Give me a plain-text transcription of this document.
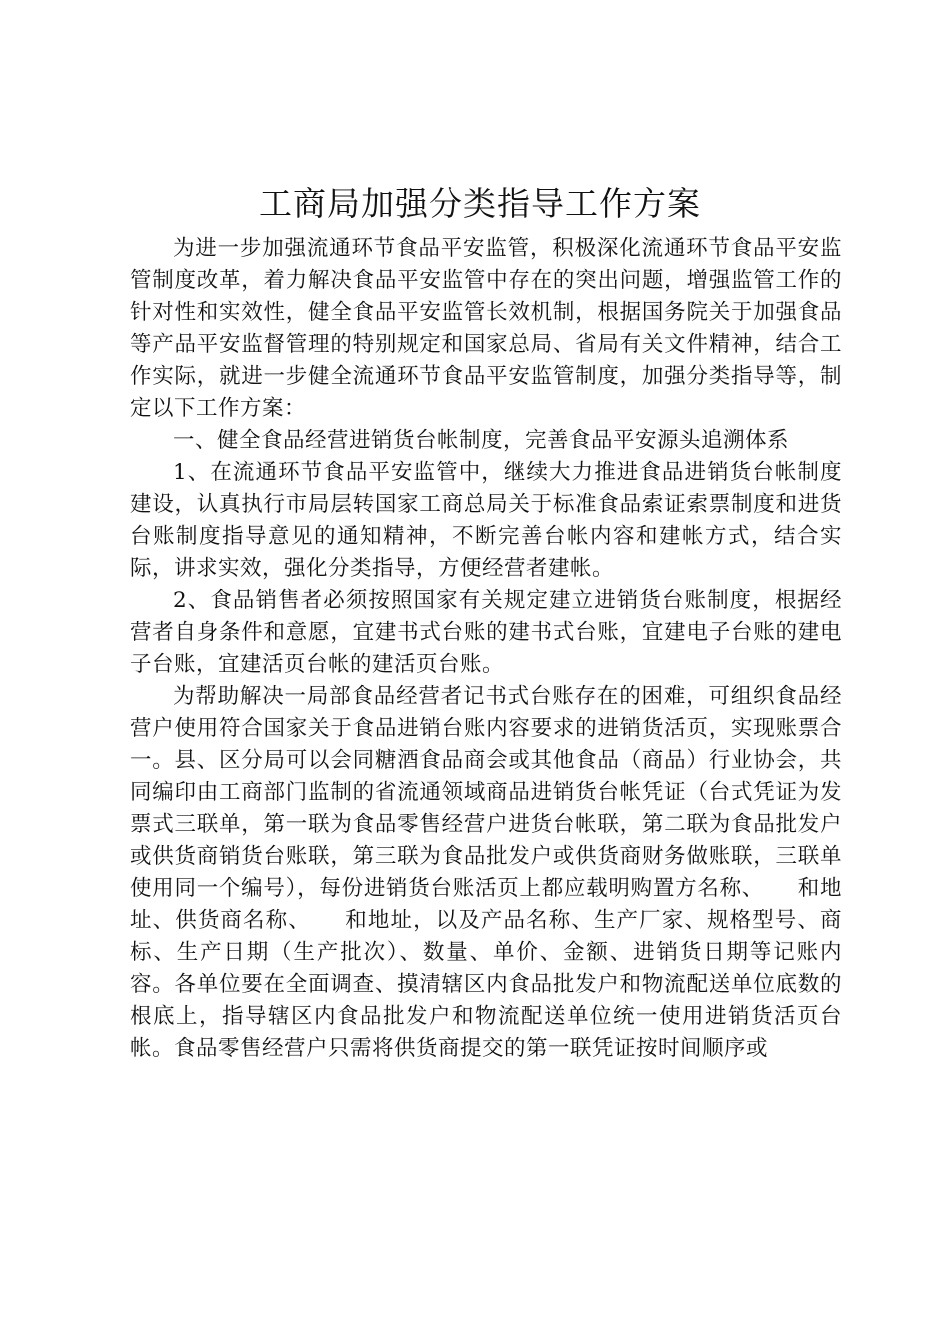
工商局加强分类指导工作方案

为进一步加强流通环节食品平安监管，积极深化流通环节食品平安监管制度改革，着力解决食品平安监管中存在的突出问题，增强监管工作的针对性和实效性，健全食品平安监管长效机制，根据国务院关于加强食品等产品平安监督管理的特别规定和国家总局、省局有关文件精神，结合工作实际，就进一步健全流通环节食品平安监管制度，加强分类指导等，制定以下工作方案：

一、健全食品经营进销货台帐制度，完善食品平安源头追溯体系

1、在流通环节食品平安监管中，继续大力推进食品进销货台帐制度建设，认真执行市局层转国家工商总局关于标准食品索证索票制度和进货台账制度指导意见的通知精神，不断完善台帐内容和建帐方式，结合实际，讲求实效，强化分类指导，方便经营者建帐。

2、食品销售者必须按照国家有关规定建立进销货台账制度，根据经营者自身条件和意愿，宜建书式台账的建书式台账，宜建电子台账的建电子台账，宜建活页台帐的建活页台账。

为帮助解决一局部食品经营者记书式台账存在的困难，可组织食品经营户使用符合国家关于食品进销台账内容要求的进销货活页，实现账票合一。县、区分局可以会同糖酒食品商会或其他食品（商品）行业协会，共同编印由工商部门监制的省流通领域商品进销货台帐凭证（台式凭证为发票式三联单，第一联为食品零售经营户进货台帐联，第二联为食品批发户或供货商销货台账联，第三联为食品批发户或供货商财务做账联，三联单使用同一个编号），每份进销货台账活页上都应载明购置方名称、　　和地址、供货商名称、　　和地址，以及产品名称、生产厂家、规格型号、商标、生产日期（生产批次）、数量、单价、金额、进销货日期等记账内容。各单位要在全面调查、摸清辖区内食品批发户和物流配送单位底数的根底上，指导辖区内食品批发户和物流配送单位统一使用进销货活页台帐。食品零售经营户只需将供货商提交的第一联凭证按时间顺序或
